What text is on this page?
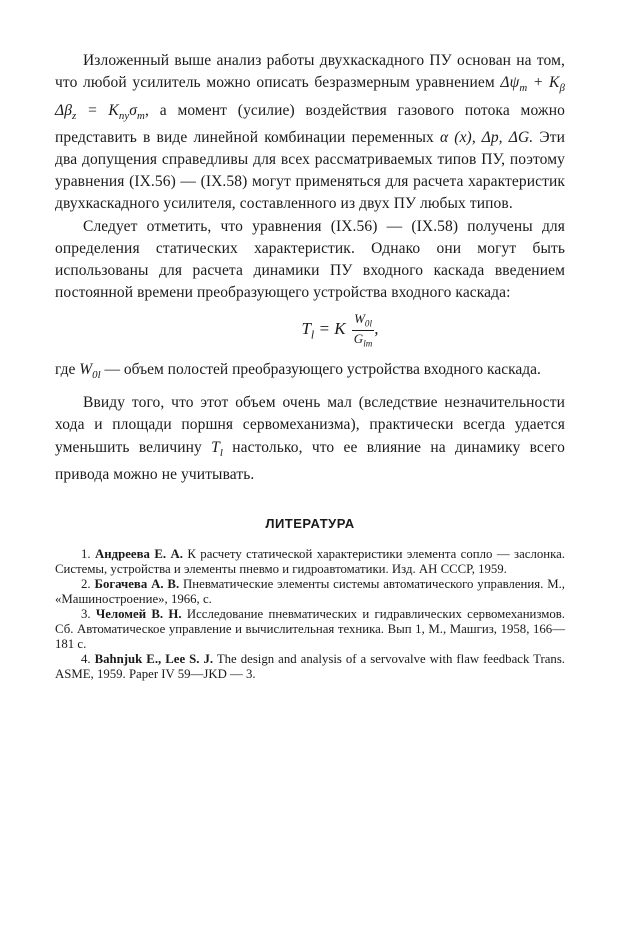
Изложенный выше анализ работы двухкаскадного ПУ основан на том, что любой усилитель можно описать безразмерным уравнением $\Delta\psi_m + K_\beta$ $\Delta\beta_z = K_{пу}\sigma_m$, а момент (усилие) воздействия газового потока можно представить в виде линейной комбинации переменных α (x), Δp, ΔG. Эти два допущения справедливы для всех рассматриваемых типов ПУ, поэтому уравнения (IX.56) — (IX.58) могут применяться для расчета характеристик двухкаскадного усилителя, составленного из двух ПУ любых типов.

Следует отметить, что уравнения (IX.56) — (IX.58) получены для определения статических характеристик. Однако они могут быть использованы для расчета динамики ПУ входного каскада введением постоянной времени преобразующего устройства входного каскада:

$T_l = K \frac{W_{0l}}{G_{lm}}$ ,

где $W_{0l}$ — объем полостей преобразующего устройства входного каскада.

Ввиду того, что этот объем очень мал (вследствие незначительности хода и площади поршня сервомеханизма), практически всегда удается уменьшить величину $T_l$ настолько, что ее влияние на динамику всего привода можно не учитывать.

ЛИТЕРАТУРА

1. Андреева Е. А. К расчету статической характеристики элемента сопло — заслонка. Системы, устройства и элементы пневмо и гидроавтоматики. Изд. АН СССР, 1959.

2. Богачева А. В. Пневматические элементы системы автоматического управления. М., «Машиностроение», 1966, с.

3. Челомей В. Н. Исследование пневматических и гидравлических сервомеханизмов. Сб. Автоматическое управление и вычислительная техника. Вып 1, М., Машгиз, 1958, 166—181 с.

4. Bahnjuk E., Lee S. J. The design and analysis of a servovalve with flaw feedback Trans. ASME, 1959. Paper IV 59—JKD — 3.
